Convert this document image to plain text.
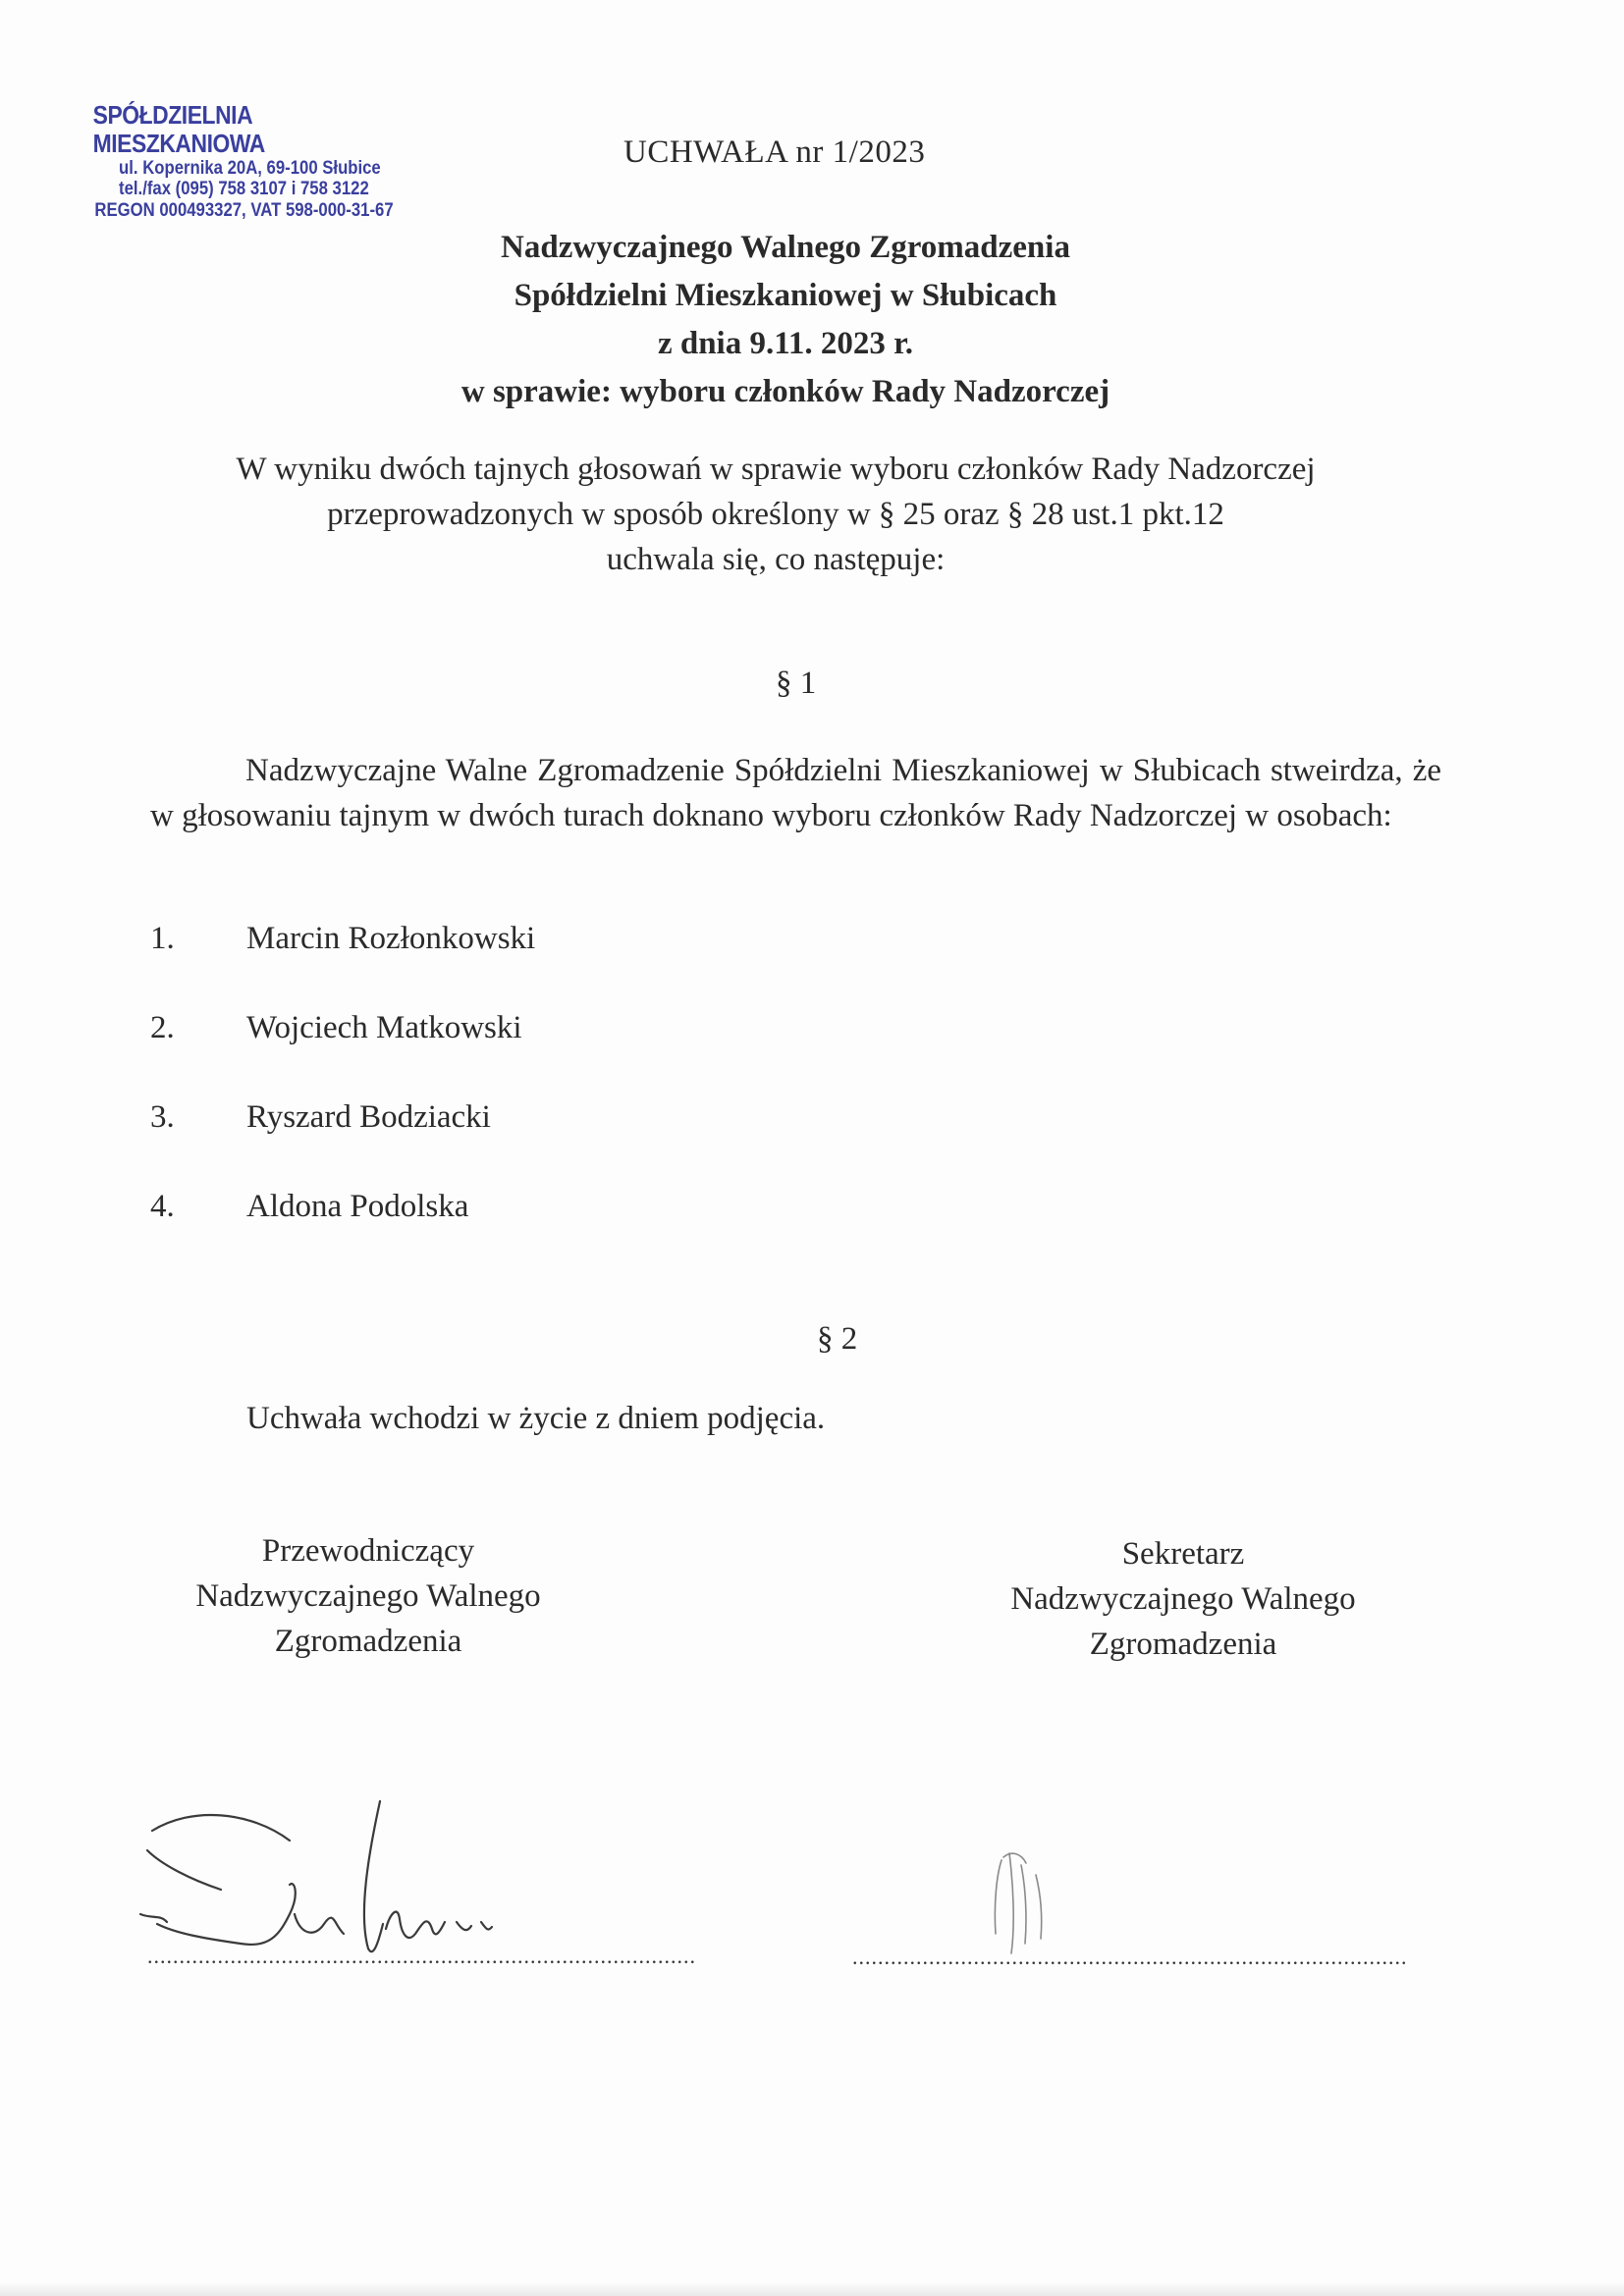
SPÓŁDZIELNIA MIESZKANIOWA
ul. Kopernika 20A, 69-100 Słubice
tel./fax (095) 758 3107 i 758 3122
REGON 000493327, VAT 598-000-31-67
UCHWAŁA nr 1/2023
Nadzwyczajnego Walnego Zgromadzenia
Spółdzielni Mieszkaniowej w Słubicach
z dnia 9.11. 2023 r.
w sprawie: wyboru członków Rady Nadzorczej
W wyniku dwóch tajnych głosowań w sprawie wyboru członków Rady Nadzorczej
przeprowadzonych w sposób określony w § 25 oraz § 28 ust.1 pkt.12
uchwala się, co następuje:
§ 1
Nadzwyczajne Walne Zgromadzenie Spółdzielni Mieszkaniowej w Słubicach stweirdza, że w głosowaniu tajnym w dwóch turach doknano wyboru członków Rady Nadzorczej w osobach:
1. Marcin Rozłonkowski
2. Wojciech Matkowski
3. Ryszard Bodziacki
4. Aldona Podolska
§ 2
Uchwała wchodzi w życie z dniem podjęcia.
Przewodniczący
Nadzwyczajnego Walnego
Zgromadzenia
Sekretarz
Nadzwyczajnego Walnego
Zgromadzenia
......................................................................................	.......................................................................................
